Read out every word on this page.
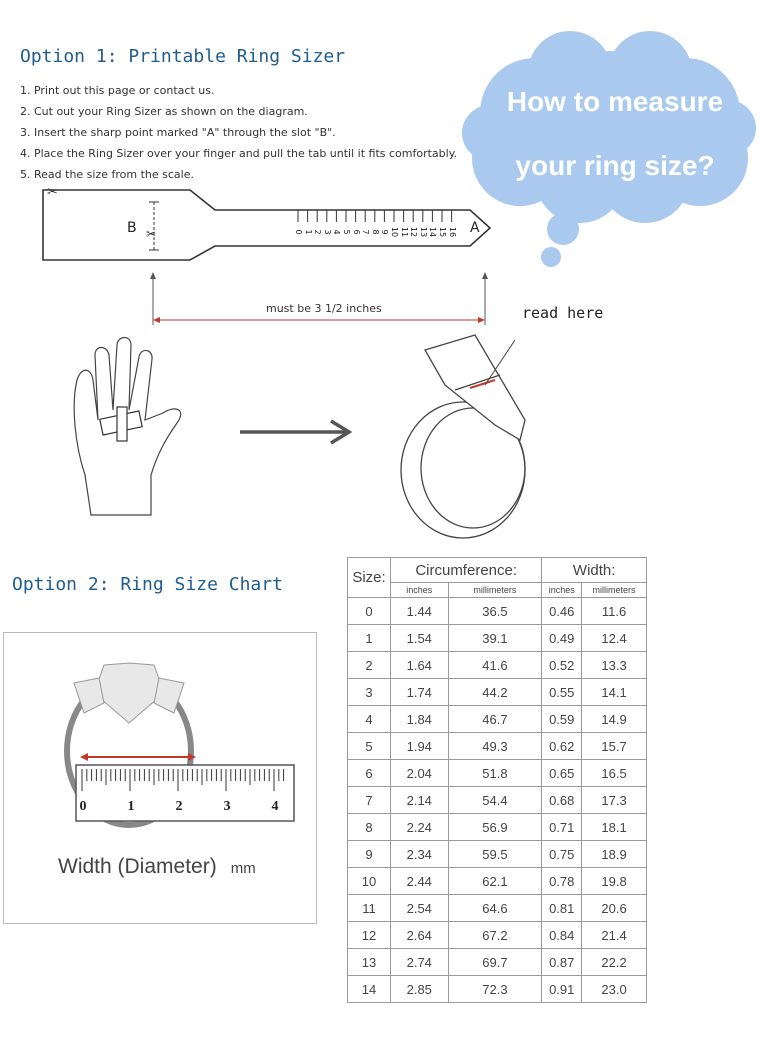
Option 1: Printable Ring Sizer
1. Print out this page or contact us.
2. Cut out your Ring Sizer as shown on the diagram.
3. Insert the sharp point marked "A" through the slot "B".
4. Place the Ring Sizer over your finger and pull the tab until it fits comfortably.
5. Read the size from the scale.
How to measure
your ring size?
✂
✂
B	A
0 1 2 3 4 5 6 7 8 9 10 11 12 13 14 15 16
must be 3 1/2 inches	read here
Option 2: Ring Size Chart
0	1	2	3	4
Width (Diameter) mm
Size:	Circumference:		Width:	
	inches	millimeters	inches	millimeters
0	1.44	36.5	0.46	11.6
1	1.54	39.1	0.49	12.4
2	1.64	41.6	0.52	13.3
3	1.74	44.2	0.55	14.1
4	1.84	46.7	0.59	14.9
5	1.94	49.3	0.62	15.7
6	2.04	51.8	0.65	16.5
7	2.14	54.4	0.68	17.3
8	2.24	56.9	0.71	18.1
9	2.34	59.5	0.75	18.9
10	2.44	62.1	0.78	19.8
11	2.54	64.6	0.81	20.6
12	2.64	67.2	0.84	21.4
13	2.74	69.7	0.87	22.2
14	2.85	72.3	0.91	23.0
